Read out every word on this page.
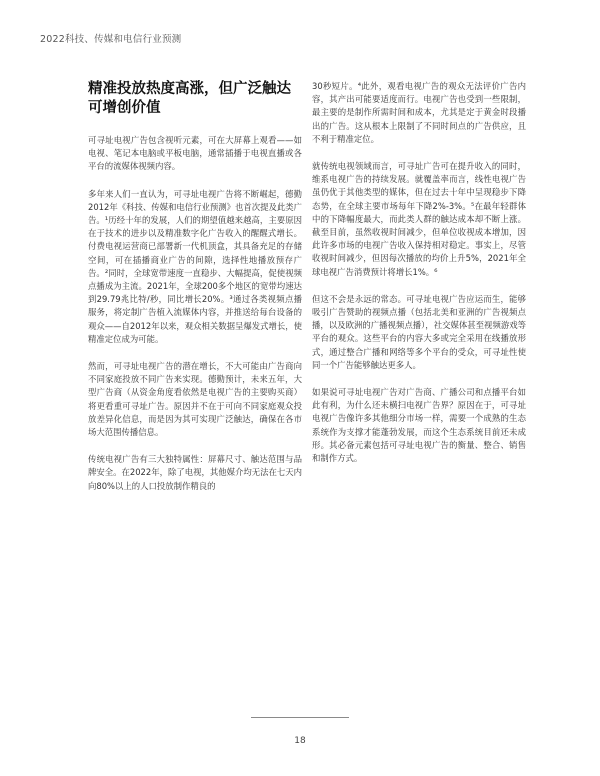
2022科技、传媒和电信行业预测
精准投放热度高涨，但广泛触达
可增创价值

可寻址电视广告包含视听元素，可在大屏幕上观看——如电视、笔记本电脑或平板电脑，通常插播于电视直播或各平台的流媒体视频内容。

多年来人们一直认为，可寻址电视广告将不断崛起，德勤2012年《科技、传媒和电信行业预测》也首次提及此类广告。¹历经十年的发展，人们的期望值越来越高，主要原因在于技术的进步以及精准数字化广告收入的醒醒式增长。付费电视运营商已部署新一代机顶盒，其具备充足的存储空间，可在插播商业广告的间隙，选择性地播放预存广告。²同时，全球宽带速度一直稳步、大幅提高，促使视频点播成为主流。2021年，全球200多个地区的宽带均速达到29.79兆比特/秒，同比增长20%。³通过各类视频点播服务，将定制广告植入流媒体内容，并推送给每台设备的观众——自2012年以来，观众相关数据呈爆发式增长，使精准定位成为可能。

然而，可寻址电视广告的潜在增长，不大可能由广告商向不同家庭投放不同广告来实现。德勤预计，未来五年，大型广告商（从资金角度看依然是电视广告的主要购买商）将更看重可寻址广告。原因并不在于可向不同家庭观众投放差异化信息，而是因为其可实现广泛触达，确保在各市场大范围传播信息。

传统电视广告有三大独特属性：屏幕尺寸、触达范围与品牌安全。在2022年，除了电视，其他媒介均无法在七天内向80%以上的人口投放制作精良的

30秒短片。⁴此外，观看电视广告的观众无法评价广告内容，其产出可能要适度而行。电视广告也受到一些限制，最主要的是制作所需时间和成本，尤其是定于黄金时段播出的广告。这从根本上限制了不同时间点的广告供应，且不利于精准定位。

就传统电视领域而言，可寻址广告可在提升收入的同时，维系电视广告的持续发展。就覆盖率而言，线性电视广告虽仍优于其他类型的媒体，但在过去十年中呈现稳步下降态势，在全球主要市场每年下降2%-3%。⁵在最年轻群体中的下降幅度最大，而此类人群的触达成本却不断上涨。截至目前，虽然收视时间减少，但单位收视成本增加，因此许多市场的电视广告收入保持相对稳定。事实上，尽管收视时间减少，但因每次播放的均价上升5%，2021年全球电视广告消费预计将增长1%。⁶

但这不会是永远的常态。可寻址电视广告应运而生，能够吸引广告赞助的视频点播（包括北美和亚洲的广告视频点播，以及欧洲的广播视频点播），社交媒体甚至视频游戏等平台的观众。这些平台的内容大多或完全采用在线播放形式，通过整合广播和网络等多个平台的受众，可寻址性使同一个广告能够触达更多人。

如果说可寻址电视广告对广告商、广播公司和点播平台如此有利，为什么还未横扫电视广告界？原因在于，可寻址电视广告像许多其他细分市场一样，需要一个成熟的生态系统作为支撑才能蓬勃发展，而这个生态系统目前还未成形。其必备元素包括可寻址电视广告的衡量、整合、销售和制作方式。

18
